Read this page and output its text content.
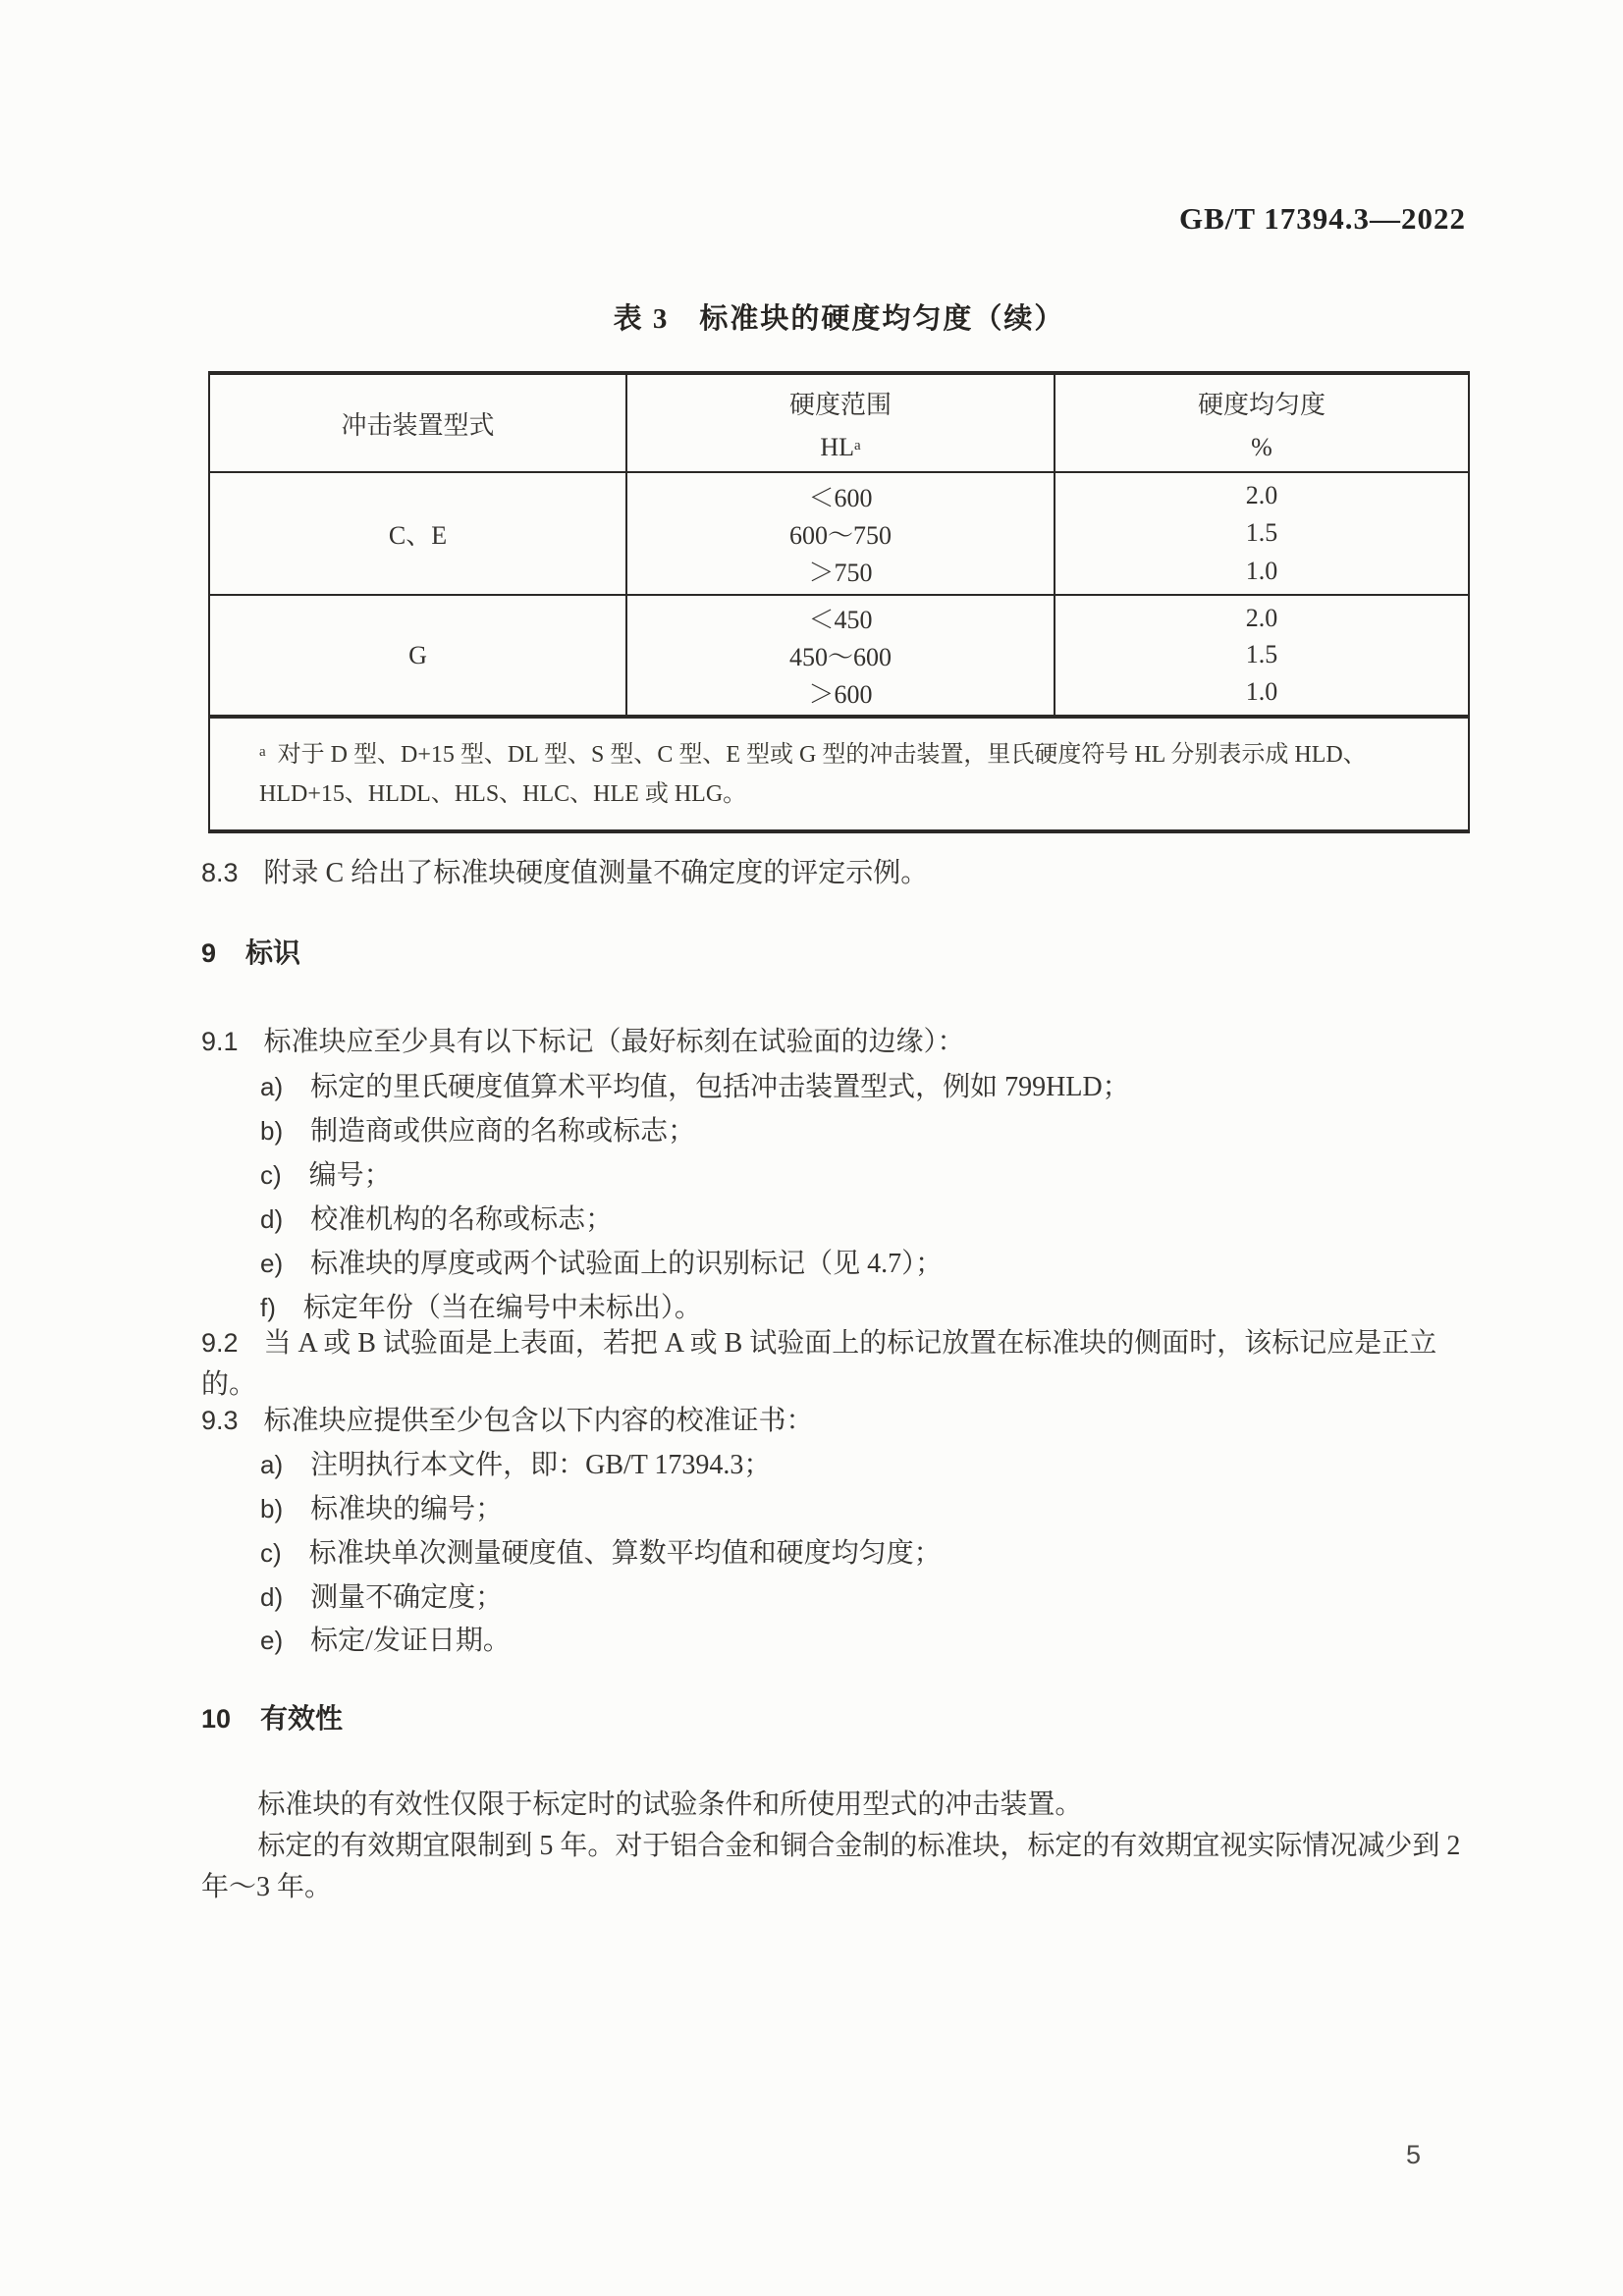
GB/T 17394.3—2022
表 3　标准块的硬度均匀度（续）
冲击装置型式
硬度范围
$HL^a$
硬度均匀度
%
C、E
＜600
600～750
＞750
2.0
1.5
1.0
G
＜450
450～600
＞600
2.0
1.5
1.0
$^a$ 对于 D 型、D+15 型、DL 型、S 型、C 型、E 型或 G 型的冲击装置，里氏硬度符号 HL 分别表示成 HLD、HLD+15、HLDL、HLS、HLC、HLE 或 HLG。
8.3 附录 C 给出了标准块硬度值测量不确定度的评定示例。
9 标识
9.1 标准块应至少具有以下标记（最好标刻在试验面的边缘）：
a) 标定的里氏硬度值算术平均值，包括冲击装置型式，例如 799HLD；
b) 制造商或供应商的名称或标志；
c) 编号；
d) 校准机构的名称或标志；
e) 标准块的厚度或两个试验面上的识别标记（见 4.7）；
f) 标定年份（当在编号中未标出）。
9.2 当 A 或 B 试验面是上表面，若把 A 或 B 试验面上的标记放置在标准块的侧面时，该标记应是正立的。
9.3 标准块应提供至少包含以下内容的校准证书：
a) 注明执行本文件，即：GB/T 17394.3；
b) 标准块的编号；
c) 标准块单次测量硬度值、算数平均值和硬度均匀度；
d) 测量不确定度；
e) 标定/发证日期。
10 有效性
标准块的有效性仅限于标定时的试验条件和所使用型式的冲击装置。
标定的有效期宜限制到 5 年。对于铝合金和铜合金制的标准块，标定的有效期宜视实际情况减少到 2 年～3 年。
5
